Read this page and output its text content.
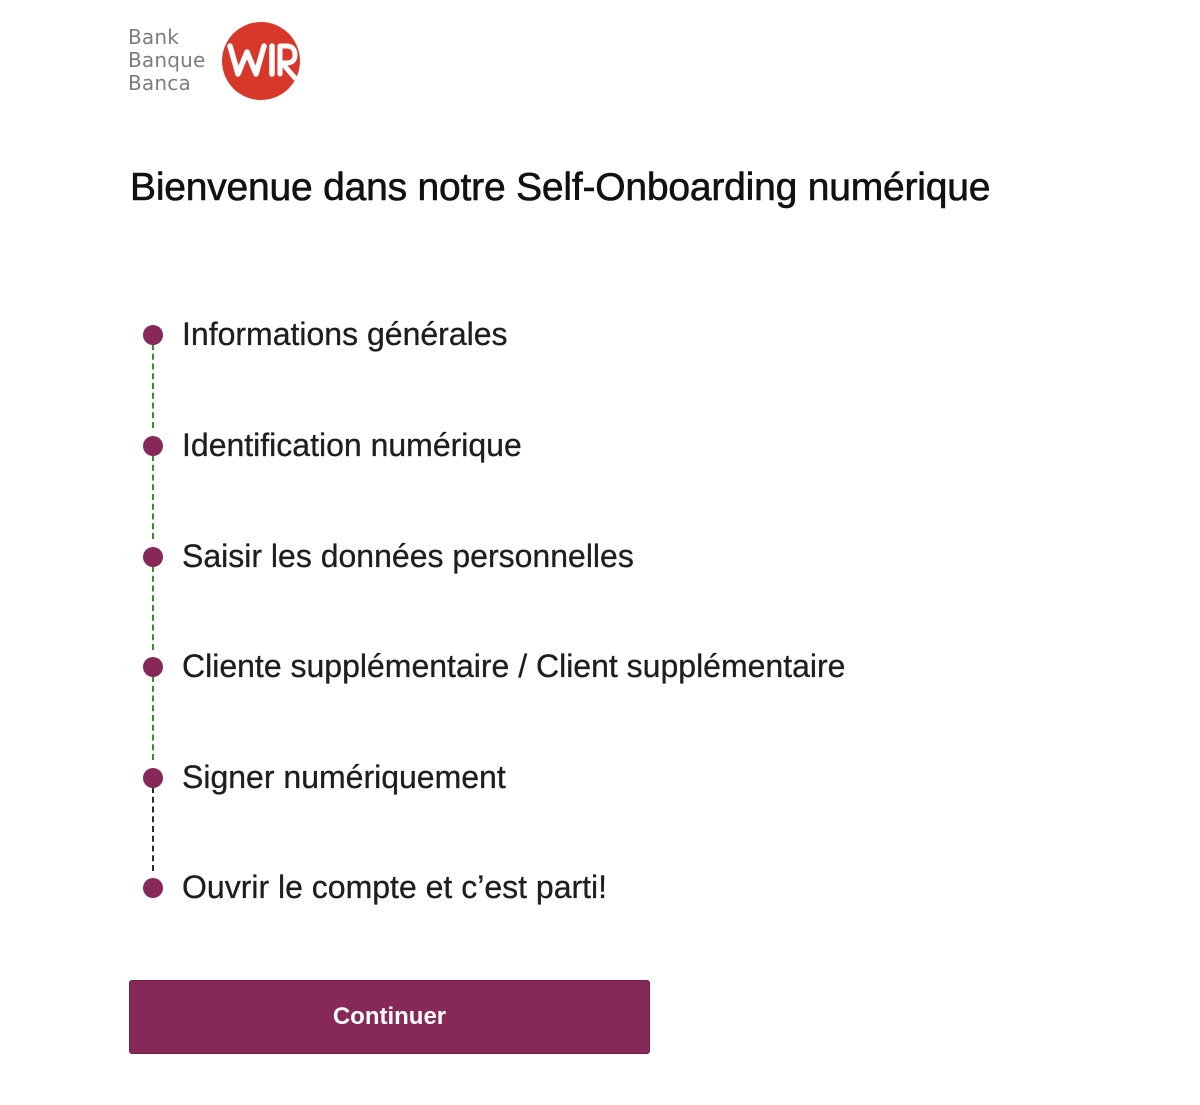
Bank
Banque
Banca
Bienvenue dans notre Self-Onboarding numérique
Informations générales
Identification numérique
Saisir les données personnelles
Cliente supplémentaire / Client supplémentaire
Signer numériquement
Ouvrir le compte et c’est parti!
Continuer
